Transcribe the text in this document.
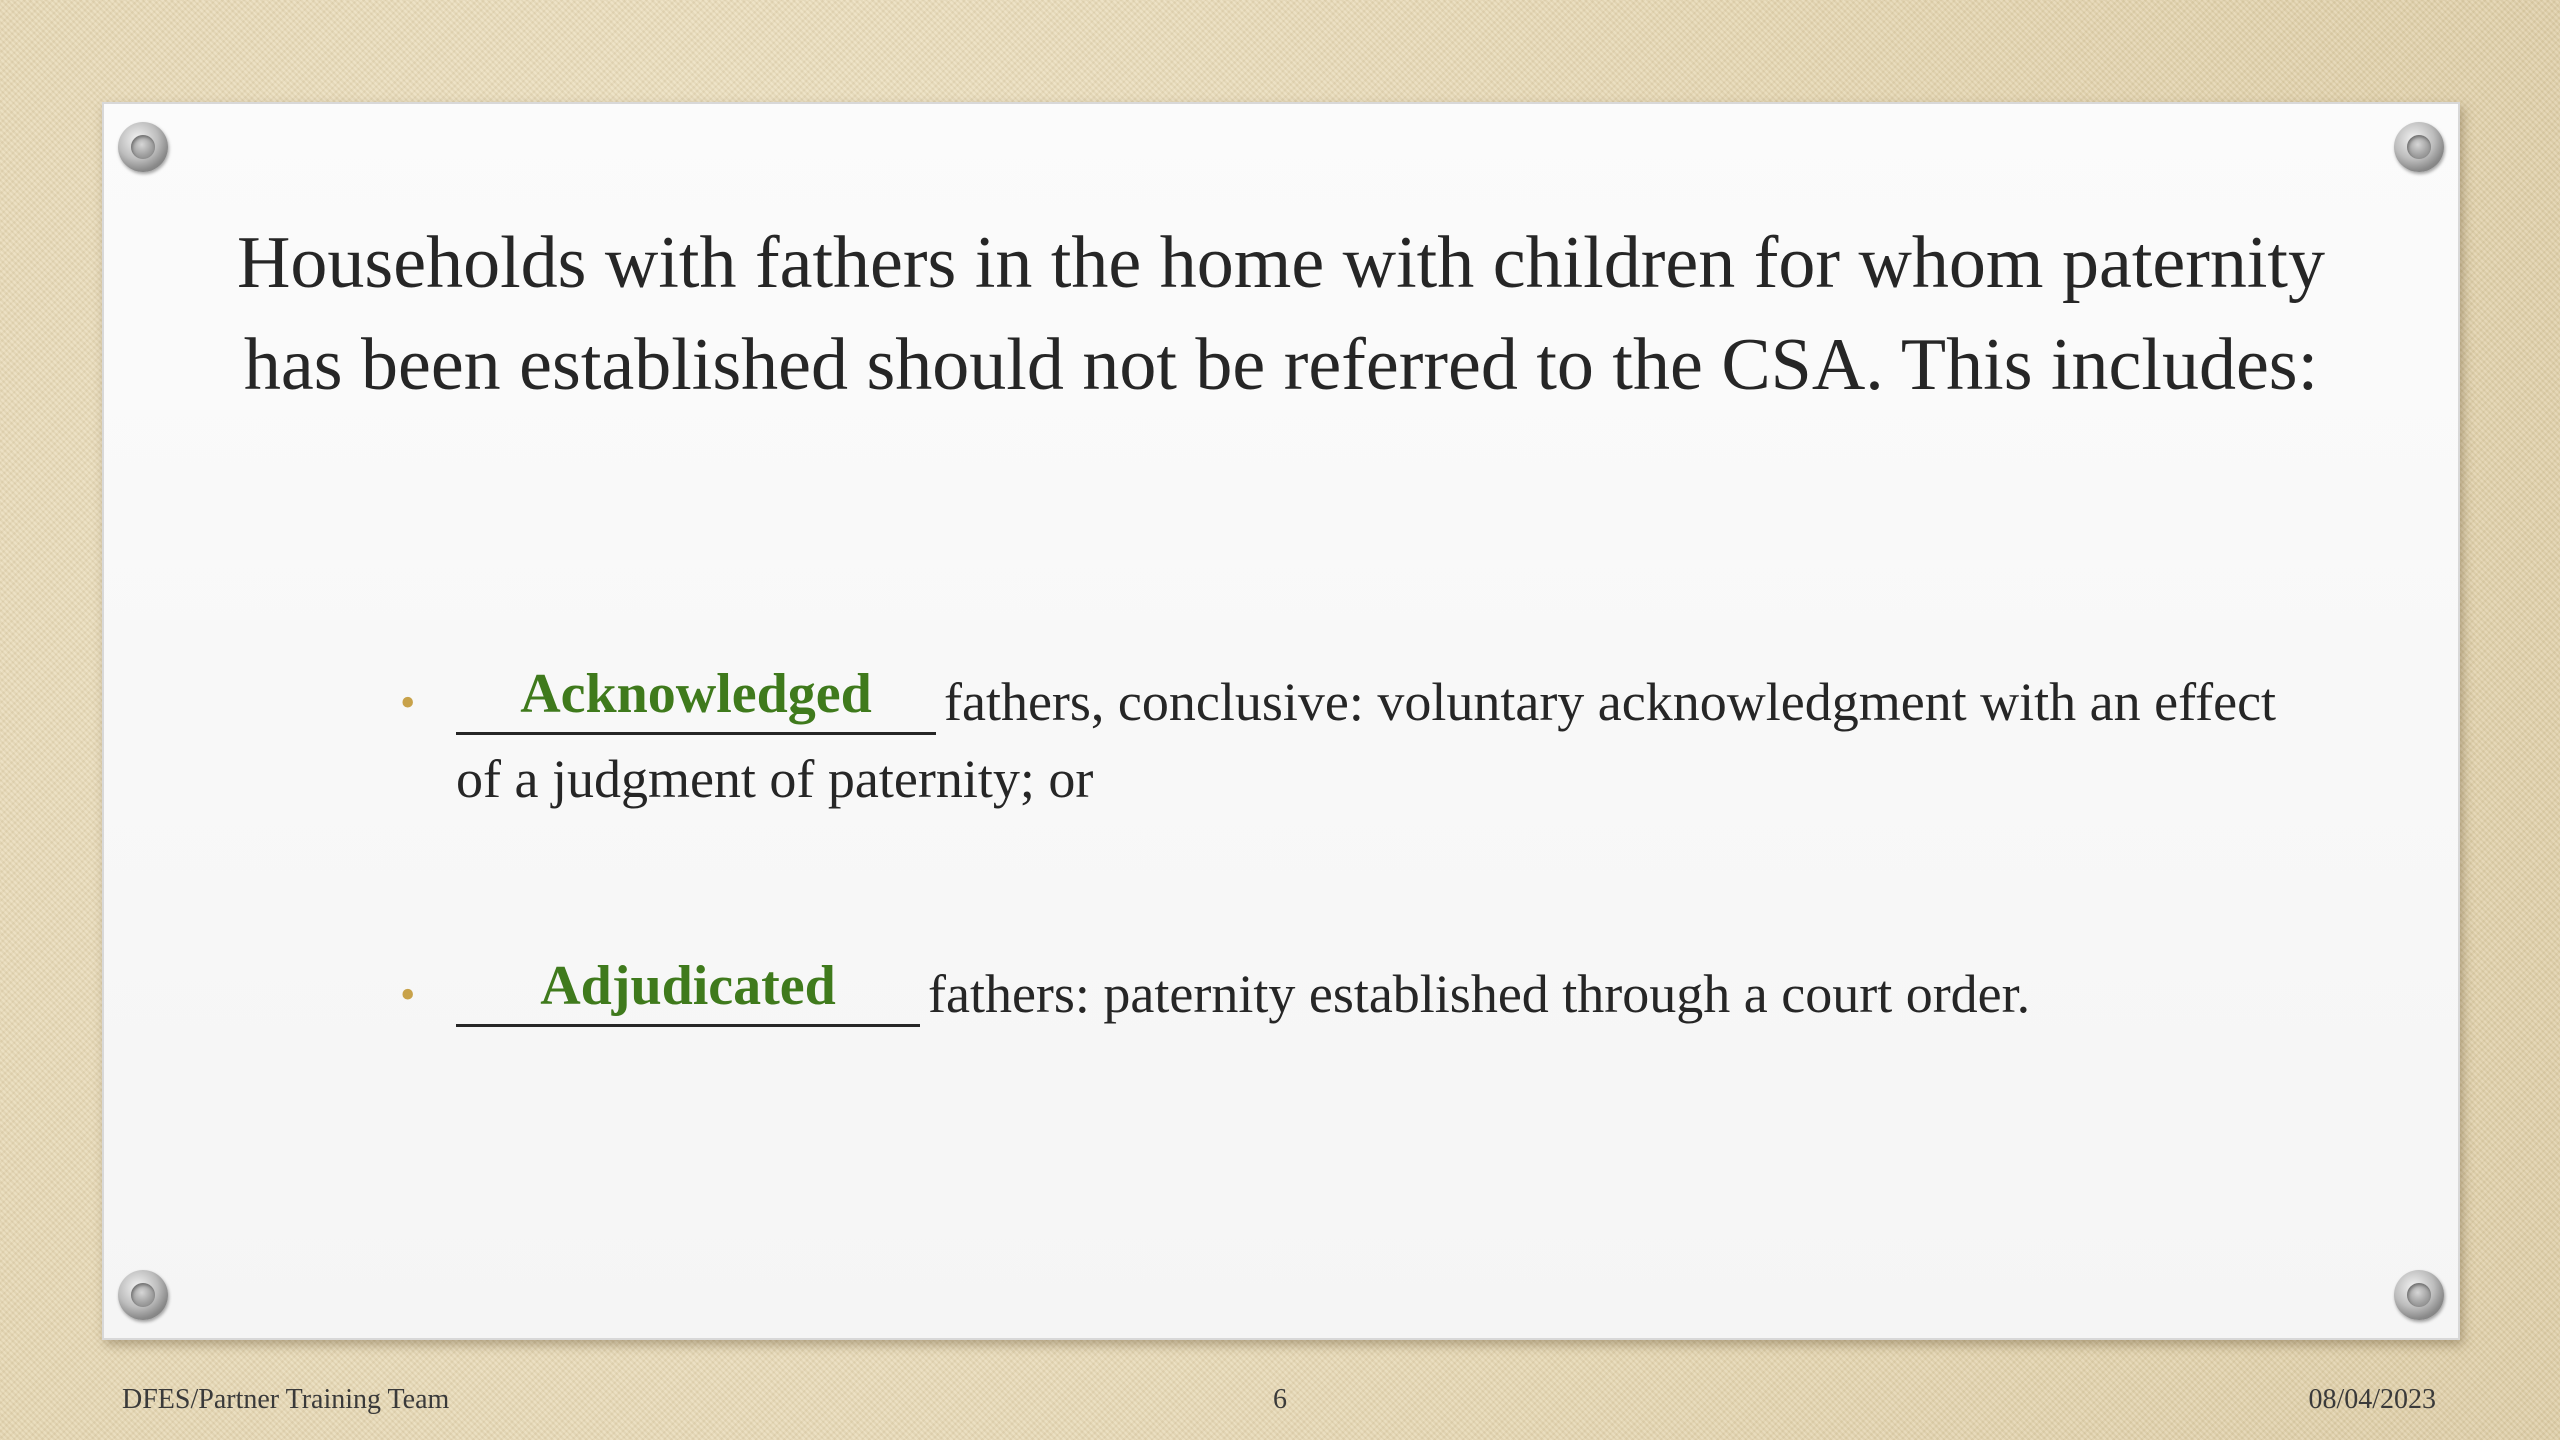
Households with fathers in the home with children for whom paternity has been established should not be referred to the CSA. This includes:
• Acknowledged fathers, conclusive: voluntary acknowledgment with an effect of a judgment of paternity; or
• Adjudicated fathers: paternity established through a court order.
DFES/Partner Training Team	6	08/04/2023
